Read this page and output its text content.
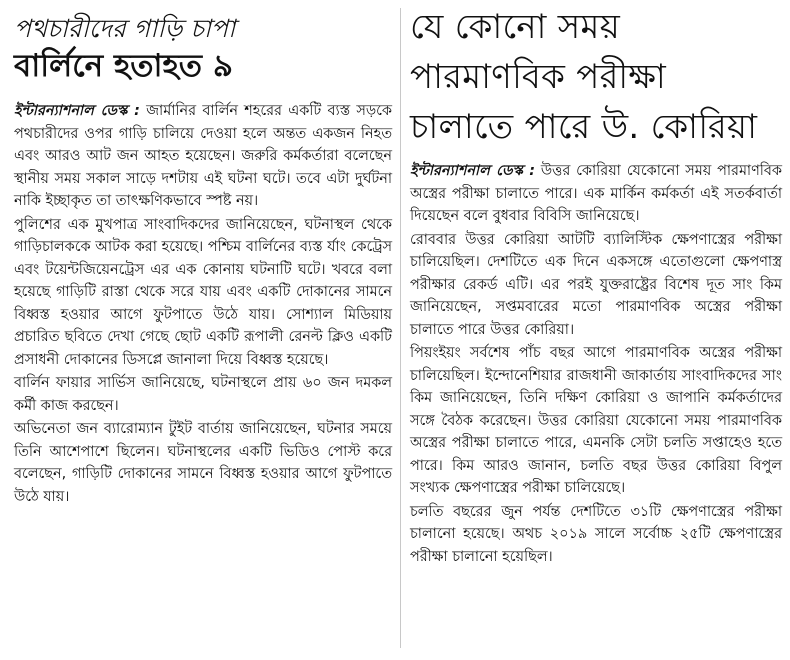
পথচারীদের গাড়ি চাপা
বার্লিনে হতাহত ৯

ইন্টারন্যাশনাল ডেস্ক : জার্মানির বার্লিন শহরের একটি ব্যস্ত সড়কে পথচারীদের ওপর গাড়ি চালিয়ে দেওয়া হলে অন্তত একজন নিহত এবং আরও আট জন আহত হয়েছেন। জরুরি কর্মকর্তারা বলেছেন স্থানীয় সময় সকাল সাড়ে দশটায় এই ঘটনা ঘটে। তবে এটা দুর্ঘটনা নাকি ইচ্ছাকৃত তা তাৎক্ষণিকভাবে স্পষ্ট নয়।

পুলিশের এক মুখপাত্র সাংবাদিকদের জানিয়েছেন, ঘটনাস্থল থেকে গাড়িচালককে আটক করা হয়েছে। পশ্চিম বার্লিনের ব্যস্ত র্যাং কেট্রেস এবং টয়েন্টজিয়েনট্রেস এর এক কোনায় ঘটনাটি ঘটে। খবরে বলা হয়েছে গাড়িটি রাস্তা থেকে সরে যায় এবং একটি দোকানের সামনে বিধ্বস্ত হওয়ার আগে ফুটপাতে উঠে যায়। সোশ্যাল মিডিয়ায় প্রচারিত ছবিতে দেখা গেছে ছোট একটি রূপালী রেনল্ট ক্লিও একটি প্রসাধনী দোকানের ডিসপ্লে জানালা দিয়ে বিধ্বস্ত হয়েছে।

বার্লিন ফায়ার সার্ভিস জানিয়েছে, ঘটনাস্থলে প্রায় ৬০ জন দমকল কর্মী কাজ করছেন।

অভিনেতা জন ব্যারোম্যান টুইট বার্তায় জানিয়েছেন, ঘটনার সময়ে তিনি আশেপাশে ছিলেন। ঘটনাস্থলের একটি ভিডিও পোস্ট করে বলেছেন, গাড়িটি দোকানের সামনে বিধ্বস্ত হওয়ার আগে ফুটপাতে উঠে যায়।

যে কোনো সময়
পারমাণবিক পরীক্ষা
চালাতে পারে উ. কোরিয়া

ইন্টারন্যাশনাল ডেস্ক : উত্তর কোরিয়া যেকোনো সময় পারমাণবিক অস্ত্রের পরীক্ষা চালাতে পারে। এক মার্কিন কর্মকর্তা এই সতর্কবার্তা দিয়েছেন বলে বুধবার বিবিসি জানিয়েছে।

রোববার উত্তর কোরিয়া আটটি ব্যালিস্টিক ক্ষেপণাস্ত্রের পরীক্ষা চালিয়েছিল। দেশটিতে এক দিনে একসঙ্গে এতোগুলো ক্ষেপণাস্ত্র পরীক্ষার রেকর্ড এটি। এর পরই যুক্তরাষ্ট্রের বিশেষ দূত সাং কিম জানিয়েছেন, সপ্তমবারের মতো পারমাণবিক অস্ত্রের পরীক্ষা চালাতে পারে উত্তর কোরিয়া।

পিয়ংইয়ং সর্বশেষ পাঁচ বছর আগে পারমাণবিক অস্ত্রের পরীক্ষা চালিয়েছিল। ইন্দোনেশিয়ার রাজধানী জাকার্তায় সাংবাদিকদের সাং কিম জানিয়েছেন, তিনি দক্ষিণ কোরিয়া ও জাপানি কর্মকর্তাদের সঙ্গে বৈঠক করেছেন। উত্তর কোরিয়া যেকোনো সময় পারমাণবিক অস্ত্রের পরীক্ষা চালাতে পারে, এমনকি সেটা চলতি সপ্তাহেও হতে পারে। কিম আরও জানান, চলতি বছর উত্তর কোরিয়া বিপুল সংখ্যক ক্ষেপণাস্ত্রের পরীক্ষা চালিয়েছে।

চলতি বছরের জুন পর্যন্ত দেশটিতে ৩১টি ক্ষেপণাস্ত্রের পরীক্ষা চালানো হয়েছে। অথচ ২০১৯ সালে সর্বোচ্চ ২৫টি ক্ষেপণাস্ত্রের পরীক্ষা চালানো হয়েছিল।
